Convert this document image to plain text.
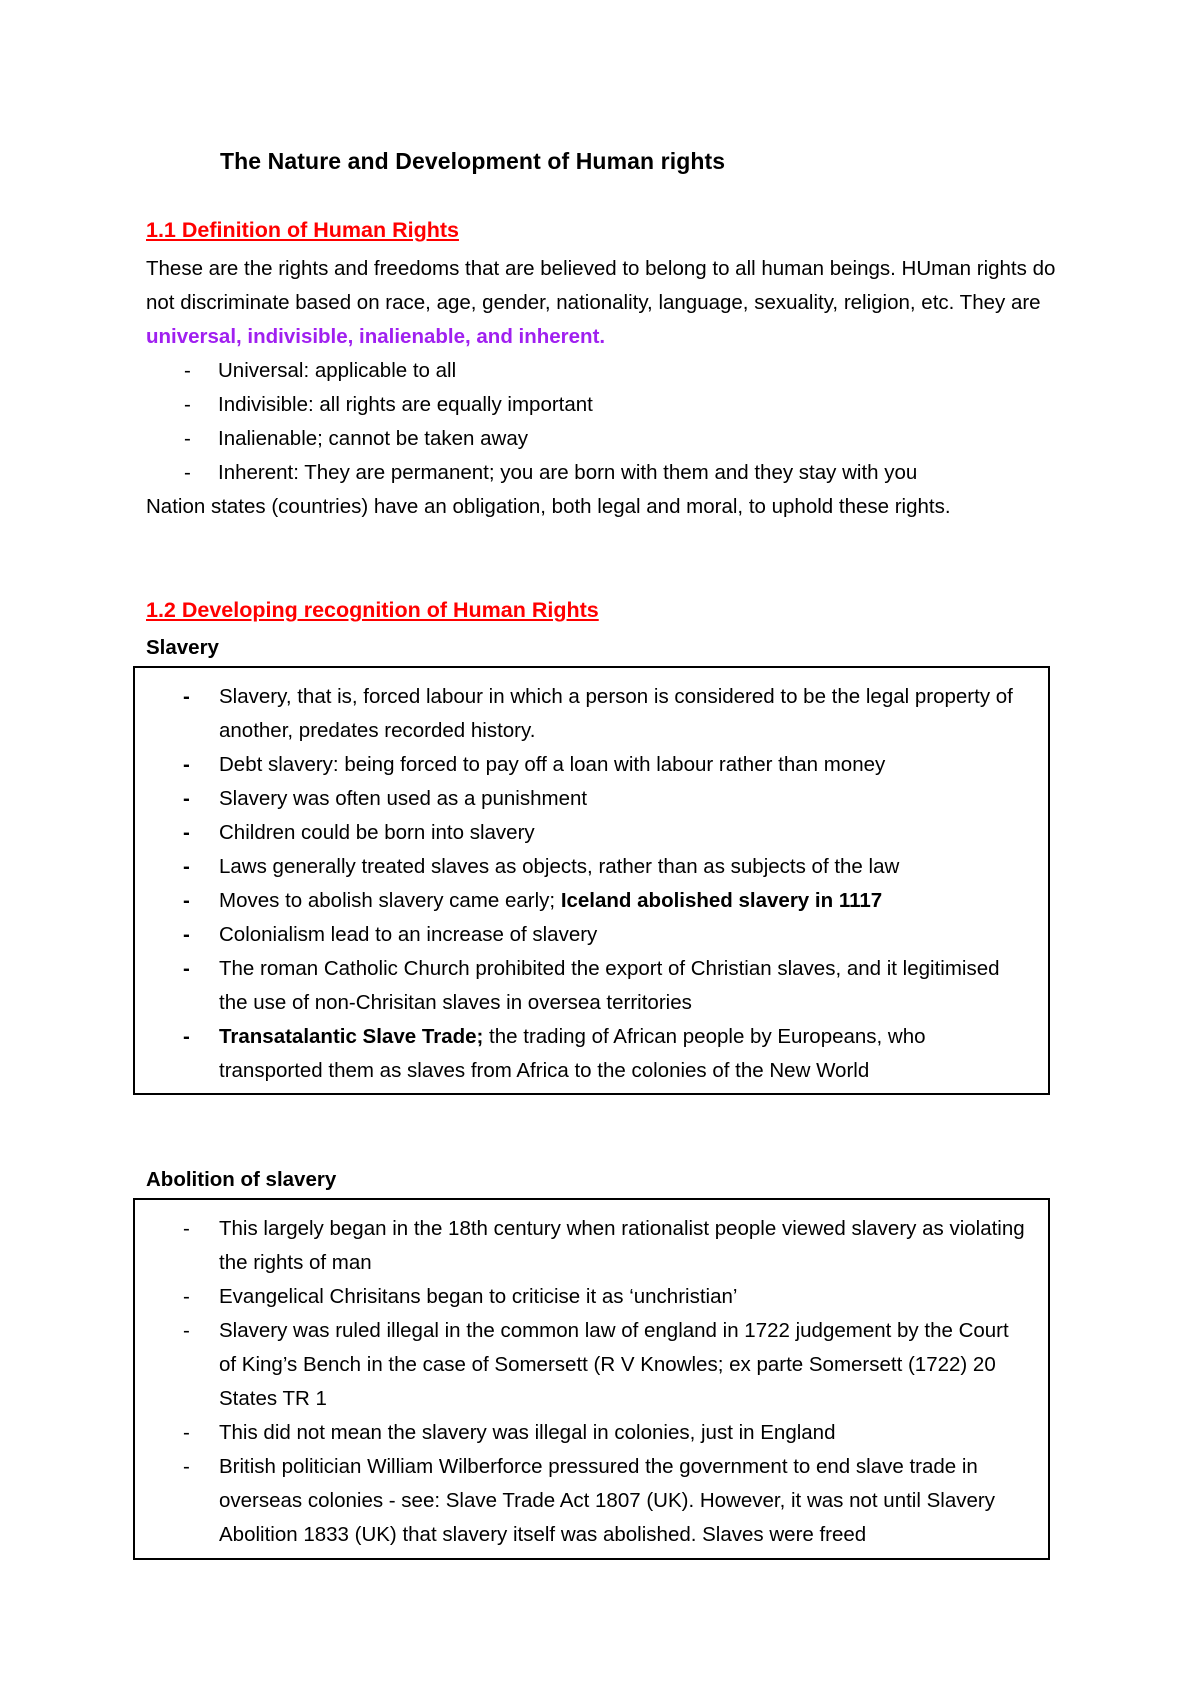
The Nature and Development of Human rights
1.1 Definition of Human Rights

These are the rights and freedoms that are believed to belong to all human beings. HUman rights do not discriminate based on race, age, gender, nationality, language, sexuality, religion, etc. They are universal, indivisible, inalienable, and inherent.

- Universal: applicable to all
- Indivisible: all rights are equally important
- Inalienable; cannot be taken away
- Inherent: They are permanent; you are born with them and they stay with you

Nation states (countries) have an obligation, both legal and moral, to uphold these rights.

1.2 Developing recognition of Human Rights
Slavery
- Slavery, that is, forced labour in which a person is considered to be the legal property of another, predates recorded history.
- Debt slavery: being forced to pay off a loan with labour rather than money
- Slavery was often used as a punishment
- Children could be born into slavery
- Laws generally treated slaves as objects, rather than as subjects of the law
- Moves to abolish slavery came early; Iceland abolished slavery in 1117
- Colonialism lead to an increase of slavery
- The roman Catholic Church prohibited the export of Christian slaves, and it legitimised the use of non-Chrisitan slaves in oversea territories
- Transatalantic Slave Trade; the trading of African people by Europeans, who transported them as slaves from Africa to the colonies of the New World
Abolition of slavery
- This largely began in the 18th century when rationalist people viewed slavery as violating the rights of man
- Evangelical Chrisitans began to criticise it as ‘unchristian’
- Slavery was ruled illegal in the common law of england in 1722 judgement by the Court of King’s Bench in the case of Somersett (R V Knowles; ex parte Somersett (1722) 20 States TR 1
- This did not mean the slavery was illegal in colonies, just in England
- British politician William Wilberforce pressured the government to end slave trade in overseas colonies - see: Slave Trade Act 1807 (UK). However, it was not until Slavery Abolition 1833 (UK) that slavery itself was abolished. Slaves were freed
